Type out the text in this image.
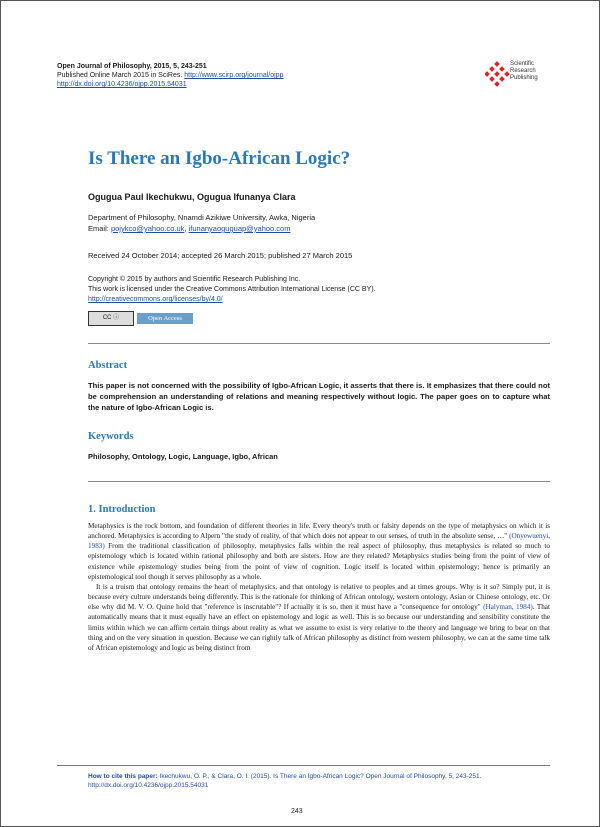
Open Journal of Philosophy, 2015, 5, 243-251
Published Online March 2015 in SciRes. http://www.scirp.org/journal/ojpp
http://dx.doi.org/10.4236/ojpp.2015.54031
Scientific
Research
Publishing
Is There an Igbo-African Logic?
Ogugua Paul Ikechukwu, Ogugua Ifunanya Clara
Department of Philosophy, Nnamdi Azikiwe University, Awka, Nigeria
Email: pojykco@yahoo.co.uk, ifunanyaoguguap@yahoo.com
Received 24 October 2014; accepted 26 March 2015; published 27 March 2015
Copyright © 2015 by authors and Scientific Research Publishing Inc.
This work is licensed under the Creative Commons Attribution International License (CC BY).
http://creativecommons.org/licenses/by/4.0/
CC ⓘ	Open Access
Abstract
This paper is not concerned with the possibility of Igbo-African Logic, it asserts that there is. It emphasizes that there could not be comprehension an understanding of relations and meaning respectively without logic. The paper goes on to capture what the nature of Igbo-African Logic is.
Keywords
Philosophy, Ontology, Logic, Language, Igbo, African
1. Introduction

Metaphysics is the rock bottom, and foundation of different theories in life. Every theory's truth or falsity depends on the type of metaphysics on which it is anchored. Metaphysics is according to Alpern "the study of reality, of that which does not appear to our senses, of truth in the absolute sense, …" (Onyewuenyi, 1983) From the traditional classification of philosophy, metaphysics falls within the real aspect of philosophy, thus metaphysics is related so much to epistemology which is located within rational philosophy and both are sisters. How are they related? Metaphysics studies being from the point of view of existence while epistemology studies being from the point of view of cognition. Logic itself is located within epistemology; hence is primarily an epistemological tool though it serves philosophy as a whole.

It is a truism that ontology remains the heart of metaphysics, and that ontology is relative to peoples and at times groups. Why is it so? Simply put, it is because every culture understands being differently. This is the rationale for thinking of African ontology, western ontology, Asian or Chinese ontology, etc. Or else why did M. V. O. Quine hold that "reference is inscrutable"? If actually it is so, then it must have a "consequence for ontology" (Halyman, 1984). That automatically means that it must equally have an effect on epistemology and logic as well. This is so because our understanding and sensibility constitute the limits within which we can affirm certain things about reality as what we assume to exist is very relative to the theory and language we bring to bear on that thing and on the very situation in question. Because we can rightly talk of African philosophy as distinct from western philosophy, we can at the same time talk of African epistemology and logic as being distinct from

How to cite this paper: Ikechukwu, O. P., & Clara, O. I. (2015). Is There an Igbo-African Logic? Open Journal of Philosophy, 5, 243-251. http://dx.doi.org/10.4236/ojpp.2015.54031
243
